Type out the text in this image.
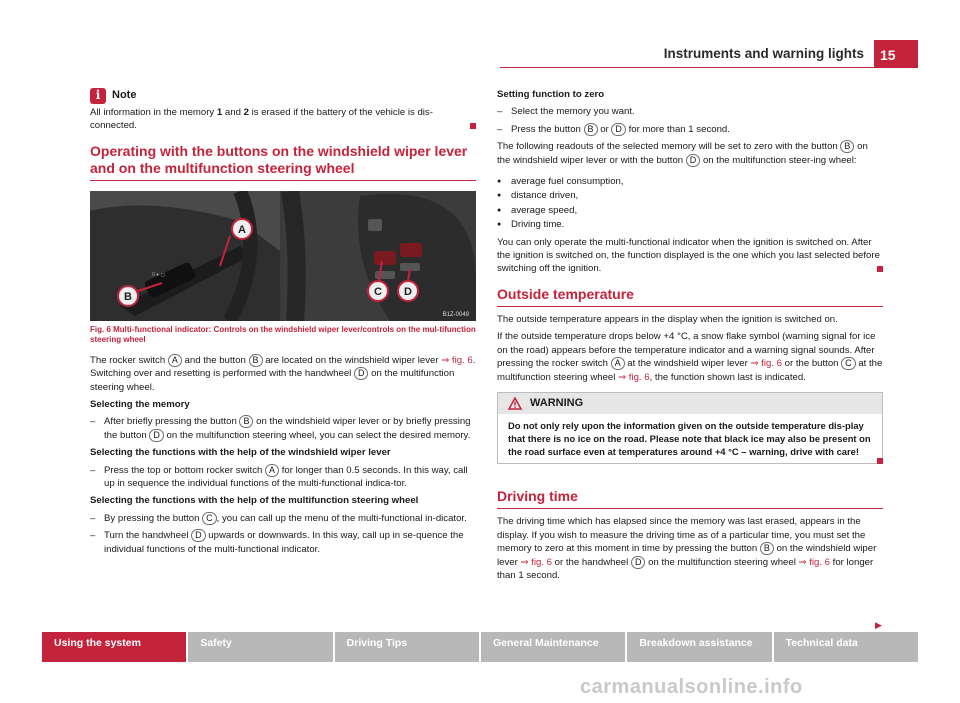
Instruments and warning lights	15
i	Note

All information in the memory 1 and 2 is erased if the battery of the vehicle is dis-connected.

Operating with the buttons on the windshield wiper lever and on the multifunction steering wheel
0 ● ◻
A
B	C D
B1Z-0049
Fig. 6 Multi-functional indicator: Controls on the windshield wiper lever/controls on the mul-tifunction steering wheel

The rocker switch A and the button B are located on the windshield wiper lever ⇒ fig. 6. Switching over and resetting is performed with the handwheel D on the multifunction steering wheel.

Selecting the memory

– After briefly pressing the button B on the windshield wiper lever or by briefly pressing the button D on the multifunction steering wheel, you can select the desired memory.

Selecting the functions with the help of the windshield wiper lever

– Press the top or bottom rocker switch A for longer than 0.5 seconds. In this way, call up in sequence the individual functions of the multi-functional indica-tor.

Selecting the functions with the help of the multifunction steering wheel

– By pressing the button C , you can call up the menu of the multi-functional in-dicator.
– Turn the handwheel D upwards or downwards. In this way, call up in se-quence the individual functions of the multi-functional indicator.

Setting function to zero

– Select the memory you want.
– Press the button B or D for more than 1 second.

The following readouts of the selected memory will be set to zero with the button B on the windshield wiper lever or with the button D on the multifunction steer-ing wheel:

● average fuel consumption,
● distance driven,
● average speed,
● Driving time.

You can only operate the multi-functional indicator when the ignition is switched on. After the ignition is switched on, the function displayed is the one which you last selected before switching off the ignition.

Outside temperature

The outside temperature appears in the display when the ignition is switched on.

If the outside temperature drops below +4 °C, a snow flake symbol (warning signal for ice on the road) appears before the temperature indicator and a warning signal sounds. After pressing the rocker switch A at the windshield wiper lever ⇒ fig. 6 or the button C at the multifunction steering wheel ⇒ fig. 6, the function shown last is indicated.

WARNING
Do not only rely upon the information given on the outside temperature dis-play that there is no ice on the road. Please note that black ice may also be present on the road surface even at temperatures around +4 °C – warning, drive with care!
Driving time

The driving time which has elapsed since the memory was last erased, appears in the display. If you wish to measure the driving time as of a particular time, you must set the memory to zero at this moment in time by pressing the button B on the windshield wiper lever ⇒ fig. 6 or the handwheel D on the multifunction steering wheel ⇒ fig. 6 for longer than 1 second.

▶
Using the system	Safety	Driving Tips	General Maintenance	Breakdown assistance	Technical data
carmanualsonline.info
